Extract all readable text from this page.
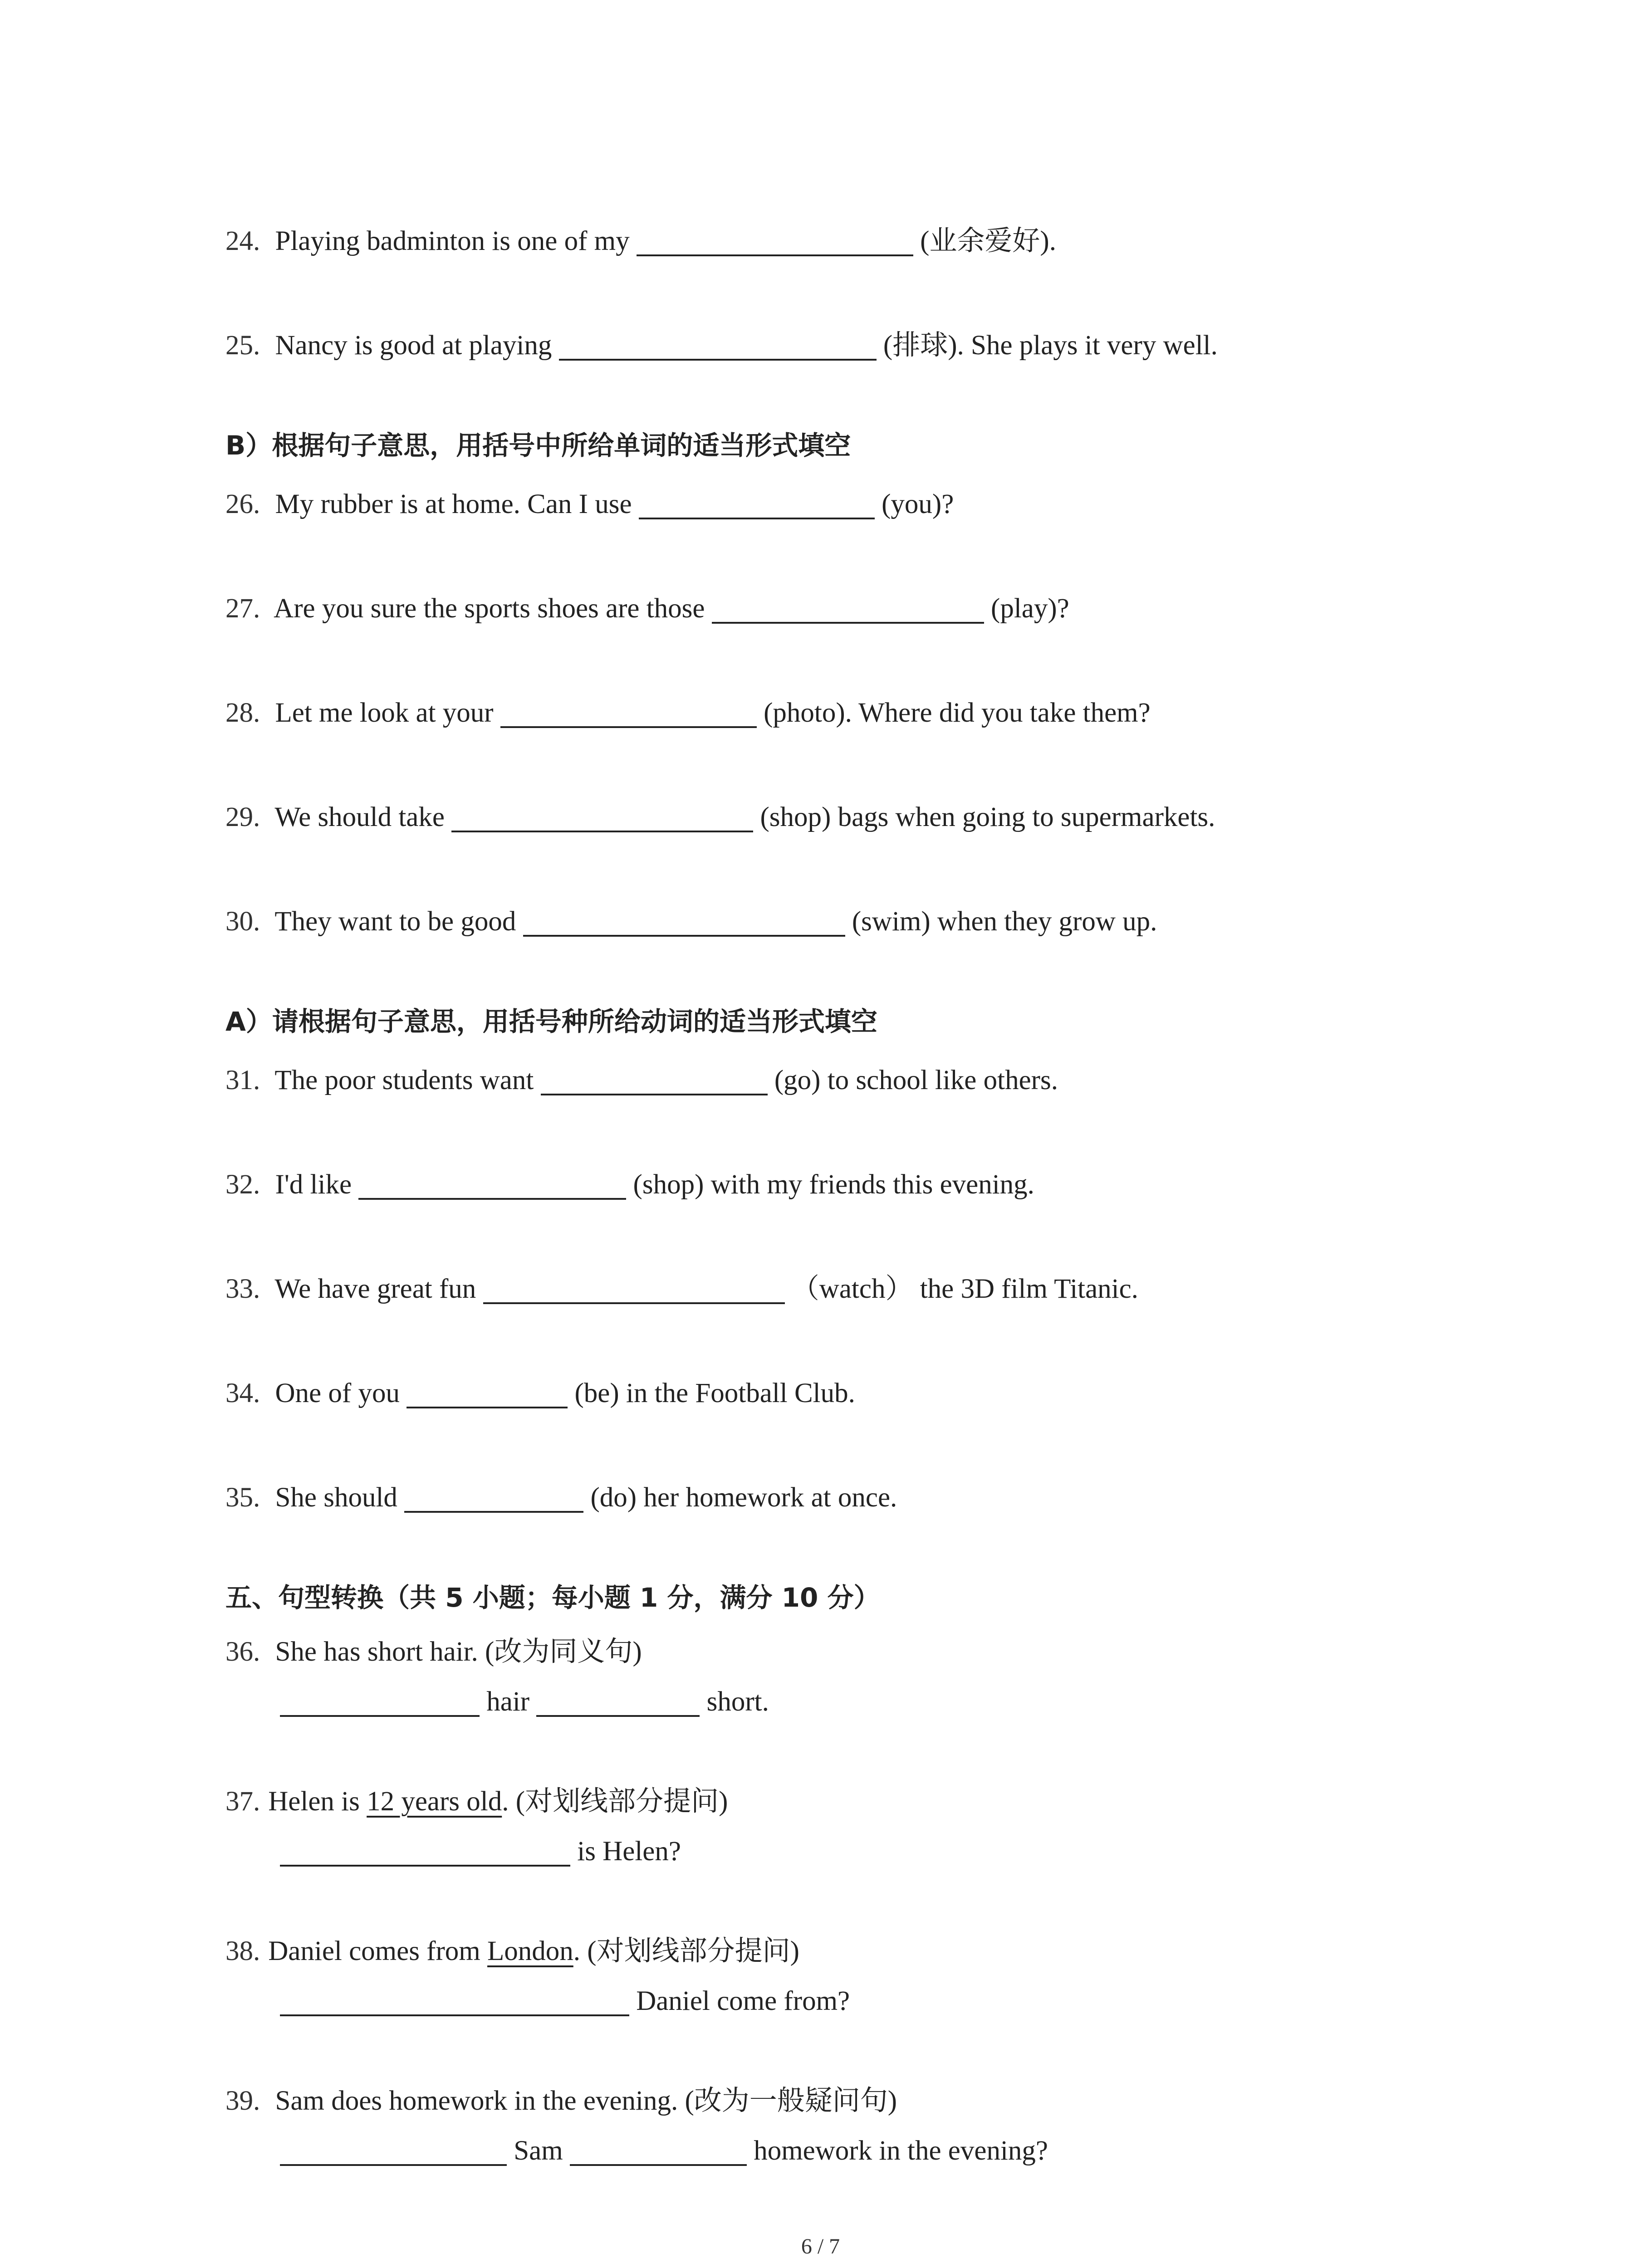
24. Playing badminton is one of my	(业余爱好).
25. Nancy is good at playing	(排球). She plays it very well.
B）根据句子意思，用括号中所给单词的适当形式填空
26. My rubber is at home. Can I use	(you)?
27. Are you sure the sports shoes are those	(play)?
28. Let me look at your	(photo). Where did you take them?
29. We should take	(shop) bags when going to supermarkets.
30. They want to be good	(swim) when they grow up.
A）请根据句子意思，用括号种所给动词的适当形式填空
31. The poor students want	(go) to school like others.
32. I'd like	(shop) with my friends this evening.
33. We have great fun	（watch） the 3D film Titanic.
34. One of you	(be) in the Football Club.
35. She should	(do) her homework at once.
五、句型转换（共 5 小题；每小题 1 分，满分 10 分）
36. She has short hair. (改为同义句)
hair	short.
37. Helen is 12 years old. (对划线部分提问)
is Helen?
38. Daniel comes from London. (对划线部分提问)
Daniel come from?
39. Sam does homework in the evening. (改为一般疑问句)
Sam	homework in the evening?
6 / 7
